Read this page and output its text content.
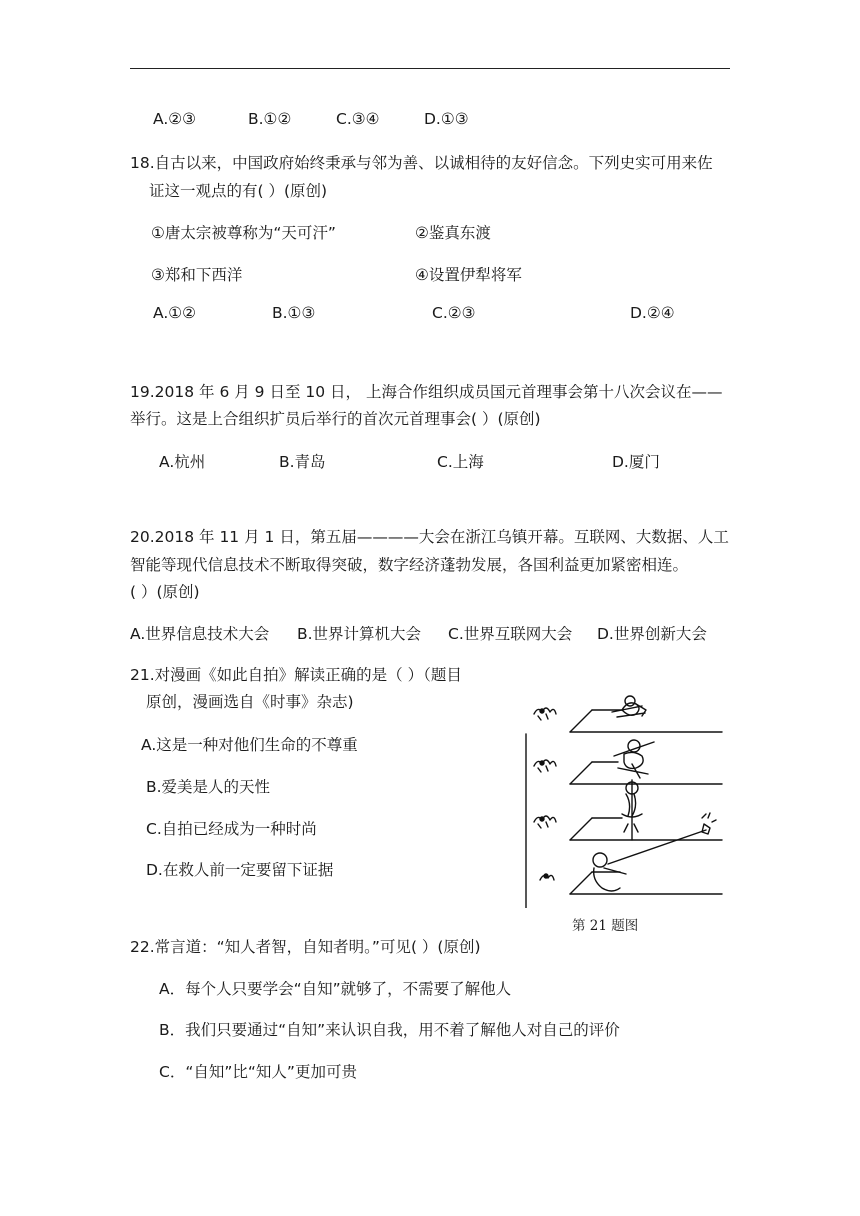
A.②③	B.①②	C.③④	D.①③
18.自古以来，中国政府始终秉承与邻为善、以诚相待的友好信念。下列史实可用来佐
证这一观点的有( ）(原创)
①唐太宗被尊称为“天可汗”	②鉴真东渡
③郑和下西洋	④设置伊犁将军
A.①②	B.①③	C.②③	D.②④
19.2018 年 6 月 9 日至 10 日， 上海合作组织成员国元首理事会第十八次会议在——
举行。这是上合组织扩员后举行的首次元首理事会( ）(原创)
A.杭州	B.青岛	C.上海	D.厦门
20.2018 年 11 月 1 日，第五届————大会在浙江乌镇开幕。互联网、大数据、人工
智能等现代信息技术不断取得突破，数字经济蓬勃发展，各国利益更加紧密相连。
( ）(原创)
A.世界信息技术大会 B.世界计算机大会 C.世界互联网大会 D.世界创新大会
21.对漫画《如此自拍》解读正确的是（ ）（题目
原创，漫画选自《时事》杂志)
A.这是一种对他们生命的不尊重
B.爱美是人的天性
C.自拍已经成为一种时尚
D.在救人前一定要留下证据
第 21 题图
22.常言道：“知人者智，自知者明。”可见( ）(原创)
A．每个人只要学会“自知”就够了，不需要了解他人
B．我们只要通过“自知”来认识自我，用不着了解他人对自己的评价
C．“自知”比“知人”更加可贵
